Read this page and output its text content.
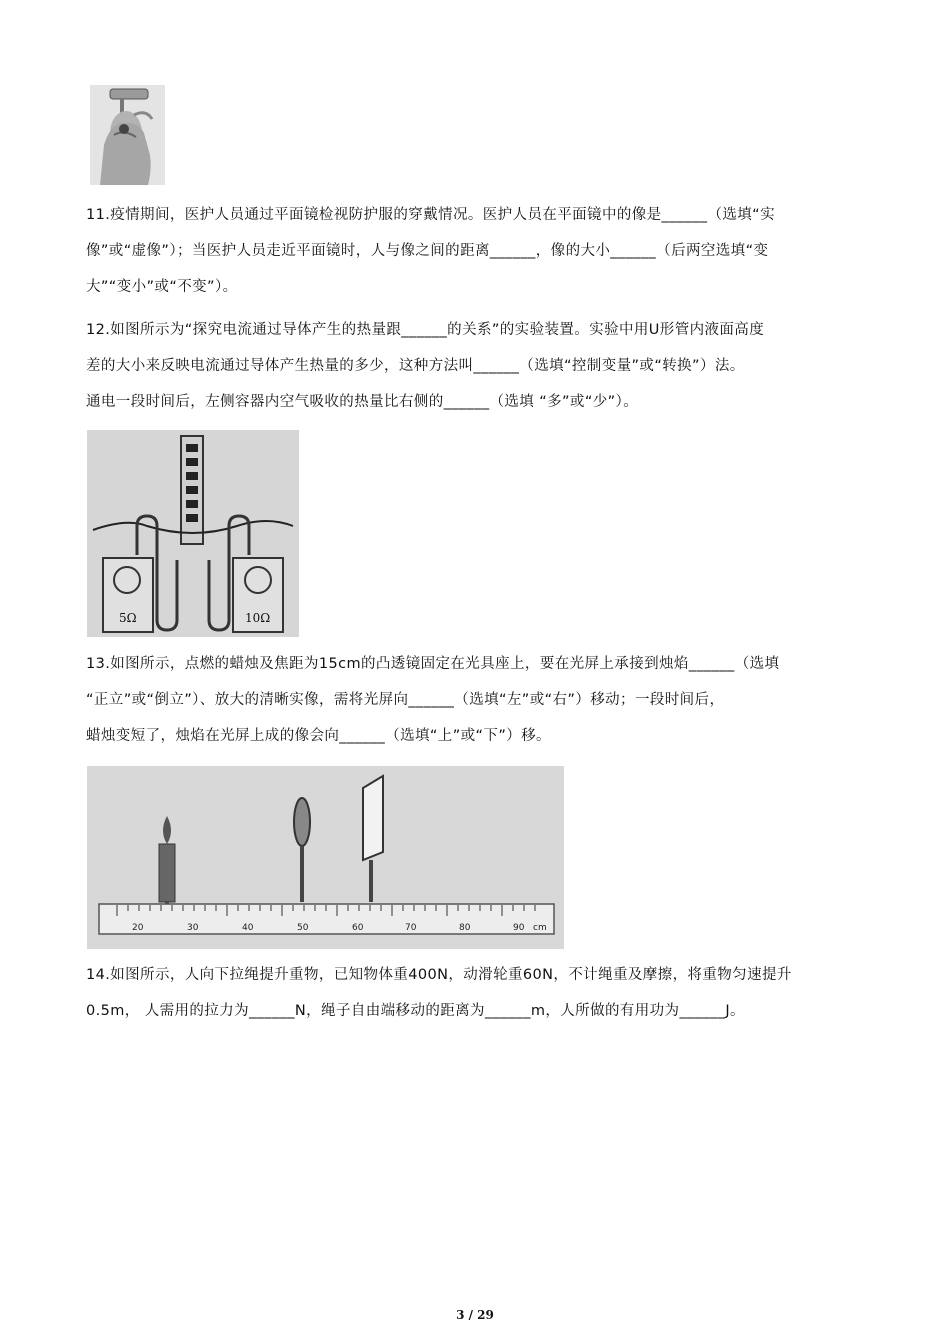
11.疫情期间，医护人员通过平面镜检视防护服的穿戴情况。医护人员在平面镜中的像是______（选填“实

像”或“虚像”）；当医护人员走近平面镜时，人与像之间的距离______，像的大小______（后两空选填“变

大”“变小”或“不变”）。

12.如图所示为“探究电流通过导体产生的热量跟______的关系”的实验装置。实验中用U形管内液面高度

差的大小来反映电流通过导体产生热量的多少，这种方法叫______（选填“控制变量”或“转换”）法。

通电一段时间后，左侧容器内空气吸收的热量比右侧的______（选填 “多”或“少”）。

5Ω	10Ω

13.如图所示，点燃的蜡烛及焦距为15cm的凸透镜固定在光具座上，要在光屏上承接到烛焰______（选填

“正立”或“倒立”）、放大的清晰实像，需将光屏向______（选填“左”或“右”）移动；一段时间后，

蜡烛变短了，烛焰在光屏上成的像会向______（选填“上”或“下”）移。

20	30	40	50	60	70	80	90 cm

14.如图所示，人向下拉绳提升重物，已知物体重400N，动滑轮重60N，不计绳重及摩擦，将重物匀速提升

0.5m， 人需用的拉力为______N，绳子自由端移动的距离为______m，人所做的有用功为______J。

3 / 29
